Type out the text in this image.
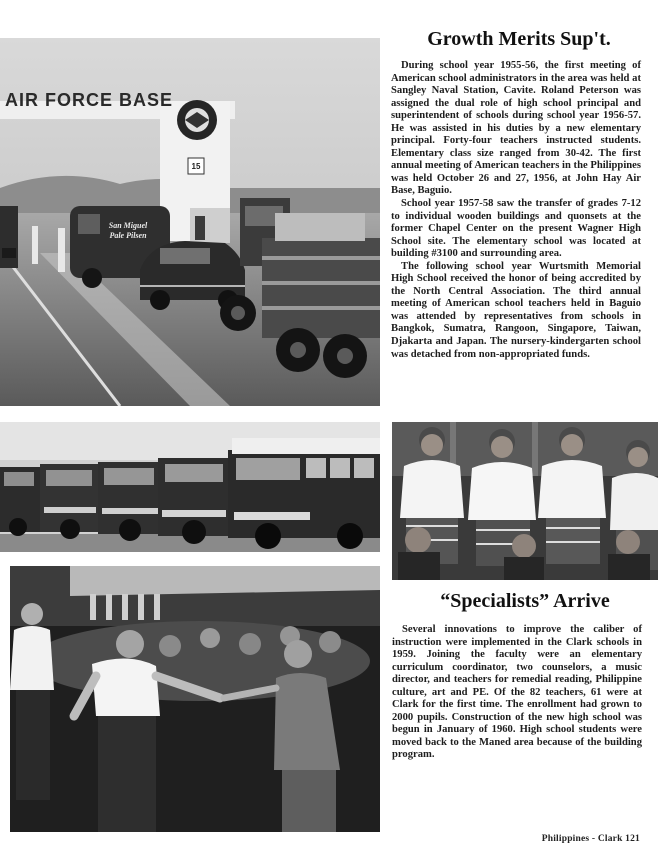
15
AIR FORCE BASE
San Miguel
Pale Pilsen
Growth Merits Sup't.

During school year 1955-56, the first meeting of American school administrators in the area was held at Sangley Naval Station, Cavite. Roland Peterson was assigned the dual role of high school principal and superintendent of schools during school year 1956-57. He was assisted in his duties by a new elementary principal. Forty-four teachers instructed students. Elementary class size ranged from 30-42. The first annual meeting of American teachers in the Philippines was held October 26 and 27, 1956, at John Hay Air Base, Baguio.

School year 1957-58 saw the transfer of grades 7-12 to individual wooden buildings and quonsets at the former Chapel Center on the present Wagner High School site. The elementary school was located at building #3100 and surrounding area.

The following school year Wurtsmith Memorial High School received the honor of being accredited by the North Central Association. The third annual meeting of American school teachers held in Baguio was attended by representatives from schools in Bangkok, Sumatra, Rangoon, Singapore, Taiwan, Djakarta and Japan. The nursery-kindergarten school was detached from non-appropriated funds.

“Specialists” Arrive

Several innovations to improve the caliber of instruction were implemented in the Clark schools in 1959. Joining the faculty were an elementary curriculum coordinator, two counselors, a music director, and teachers for remedial reading, Philippine culture, art and PE. Of the 82 teachers, 61 were at Clark for the first time. The enrollment had grown to 2000 pupils. Construction of the new high school was begun in January of 1960. High school students were moved back to the Maned area because of the building program.

Philippines - Clark 121
